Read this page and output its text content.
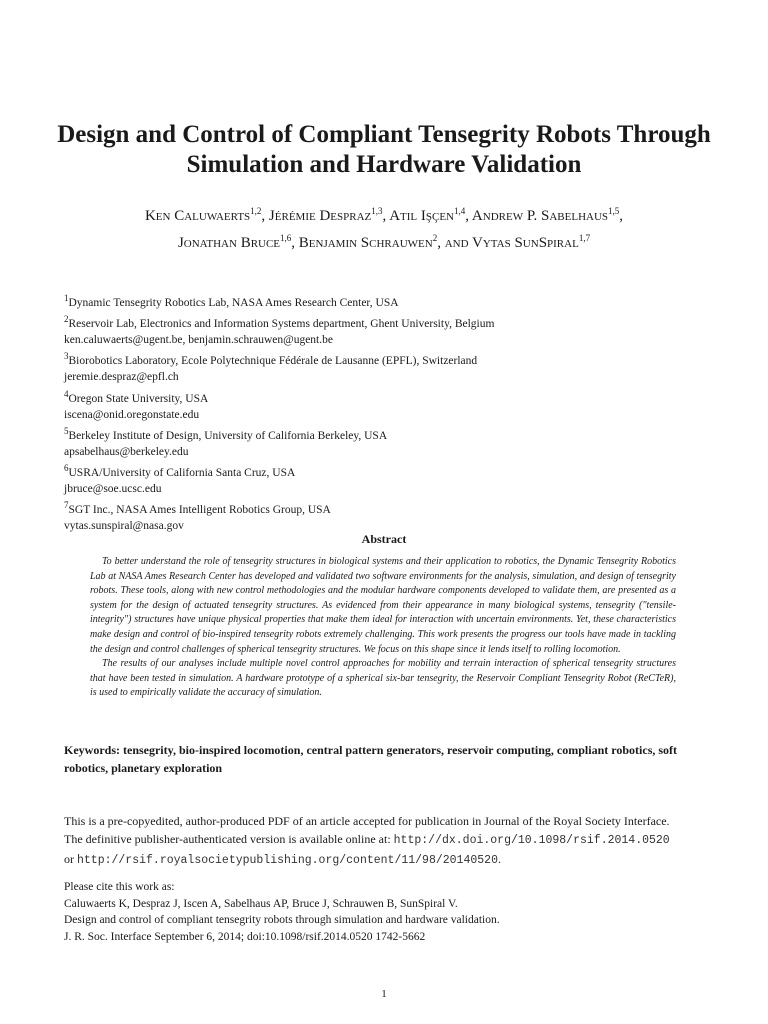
Design and Control of Compliant Tensegrity Robots Through Simulation and Hardware Validation

Ken Caluwaerts$^{1,2}$, Jérémie Despraz$^{1,3}$, Atil Işçen$^{1,4}$, Andrew P. Sabelhaus$^{1,5}$,

Jonathan Bruce$^{1,6}$, Benjamin Schrauwen$^2$, and Vytas SunSpiral$^{1,7}$

$^1$Dynamic Tensegrity Robotics Lab, NASA Ames Research Center, USA
$^2$Reservoir Lab, Electronics and Information Systems department, Ghent University, Belgium
ken.caluwaerts@ugent.be, benjamin.schrauwen@ugent.be
$^3$Biorobotics Laboratory, Ecole Polytechnique Fédérale de Lausanne (EPFL), Switzerland
jeremie.despraz@epfl.ch
$^4$Oregon State University, USA
iscena@onid.oregonstate.edu
$^5$Berkeley Institute of Design, University of California Berkeley, USA
apsabelhaus@berkeley.edu
$^6$USRA/University of California Santa Cruz, USA
jbruce@soe.ucsc.edu
$^7$SGT Inc., NASA Ames Intelligent Robotics Group, USA
vytas.sunspiral@nasa.gov
Abstract

To better understand the role of tensegrity structures in biological systems and their application to robotics, the Dynamic Tensegrity Robotics Lab at NASA Ames Research Center has developed and validated two software environments for the analysis, simulation, and design of tensegrity robots. These tools, along with new control methodologies and the modular hardware components developed to validate them, are presented as a system for the design of actuated tensegrity structures. As evidenced from their appearance in many biological systems, tensegrity ("tensile-integrity") structures have unique physical properties that make them ideal for interaction with uncertain environments. Yet, these characteristics make design and control of bio-inspired tensegrity robots extremely challenging. This work presents the progress our tools have made in tackling the design and control challenges of spherical tensegrity structures. We focus on this shape since it lends itself to rolling locomotion.

The results of our analyses include multiple novel control approaches for mobility and terrain interaction of spherical tensegrity structures that have been tested in simulation. A hardware prototype of a spherical six-bar tensegrity, the Reservoir Compliant Tensegrity Robot (ReCTeR), is used to empirically validate the accuracy of simulation.

Keywords: tensegrity, bio-inspired locomotion, central pattern generators, reservoir computing, compliant robotics, soft robotics, planetary exploration

This is a pre-copyedited, author-produced PDF of an article accepted for publication in Journal of the Royal Society Interface.

The definitive publisher-authenticated version is available online at: http://dx.doi.org/10.1098/rsif.2014.0520

or http://rsif.royalsocietypublishing.org/content/11/98/20140520.

Please cite this work as:
Caluwaerts K, Despraz J, Iscen A, Sabelhaus AP, Bruce J, Schrauwen B, SunSpiral V.
Design and control of compliant tensegrity robots through simulation and hardware validation.
J. R. Soc. Interface September 6, 2014; doi:10.1098/rsif.2014.0520 1742-5662

1
